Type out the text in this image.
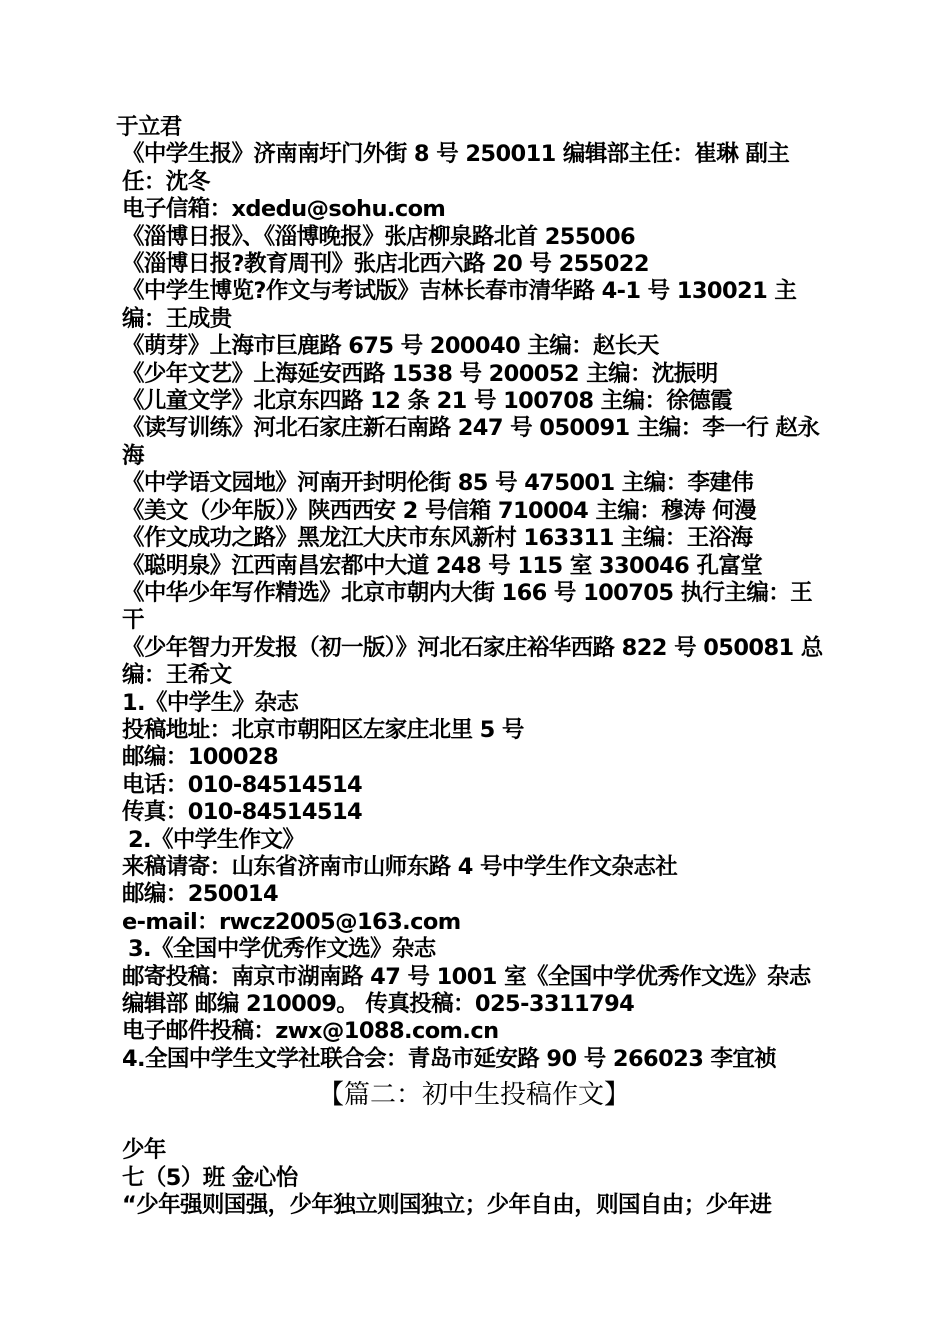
于立君
《中学生报》济南南圩门外街 8 号 250011 编辑部主任：崔琳 副主任：沈冬
电子信箱：xdedu@sohu.com
《淄博日报》、《淄博晚报》张店柳泉路北首 255006
《淄博日报?教育周刊》张店北西六路 20 号 255022
《中学生博览?作文与考试版》吉林长春市清华路 4-1 号 130021 主编：王成贵
《萌芽》上海市巨鹿路 675 号 200040 主编：赵长天
《少年文艺》上海延安西路 1538 号 200052 主编：沈振明
《儿童文学》北京东四路 12 条 21 号 100708 主编：徐德霞
《读写训练》河北石家庄新石南路 247 号 050091 主编：李一行 赵永海
《中学语文园地》河南开封明伦街 85 号 475001 主编：李建伟
《美文（少年版）》陕西西安 2 号信箱 710004 主编：穆涛 何漫
《作文成功之路》黑龙江大庆市东风新村 163311 主编：王浴海
《聪明泉》江西南昌宏都中大道 248 号 115 室 330046 孔富堂
《中华少年写作精选》北京市朝内大街 166 号 100705 执行主编：王干
《少年智力开发报（初一版）》河北石家庄裕华西路 822 号 050081 总编：王希文
1.《中学生》杂志
投稿地址：北京市朝阳区左家庄北里 5 号
邮编：100028
电话：010-84514514
传真：010-84514514
2.《中学生作文》
来稿请寄：山东省济南市山师东路 4 号中学生作文杂志社
邮编：250014
e-mail：rwcz2005@163.com
3.《全国中学优秀作文选》杂志
邮寄投稿：南京市湖南路 47 号 1001 室《全国中学优秀作文选》杂志编辑部 邮编 210009。 传真投稿：025-3311794
电子邮件投稿：zwx@1088.com.cn
4.全国中学生文学社联合会：青岛市延安路 90 号 266023 李宜祯
【篇二：初中生投稿作文】
少年
七（5）班 金心怡
“少年强则国强，少年独立则国独立；少年自由，则国自由；少年进
